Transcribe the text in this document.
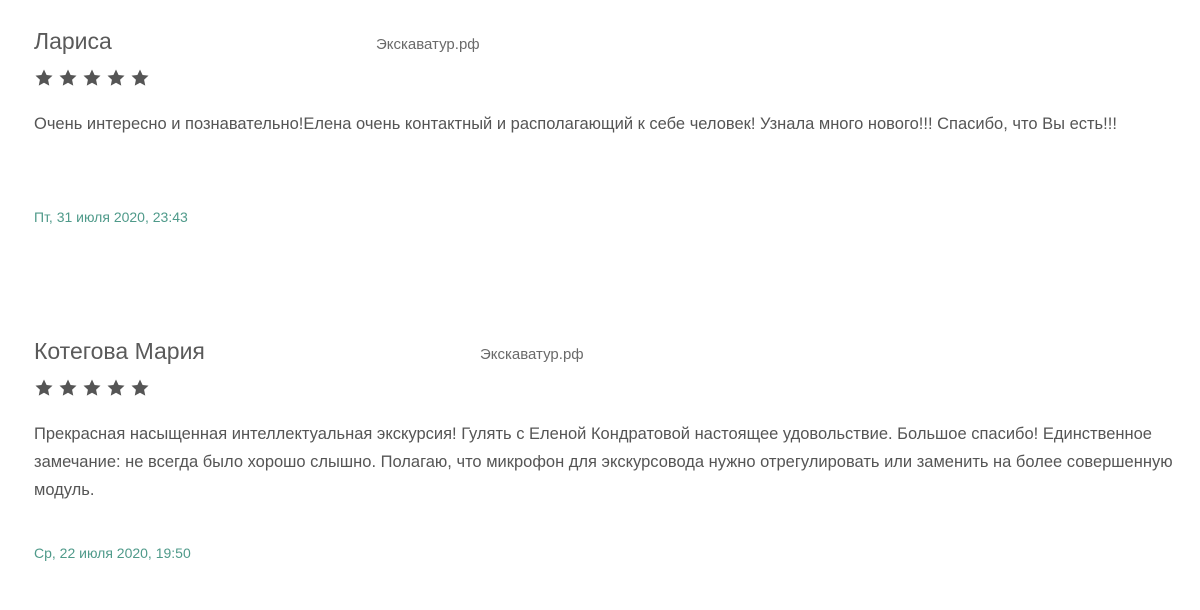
Лариса	Экскаватур.рф
Очень интересно и познавательно!Елена очень контактный и располагающий к себе человек! Узнала много нового!!! Спасибо, что Вы есть!!!
Пт, 31 июля 2020, 23:43
Котегова Мария	Экскаватур.рф
Прекрасная насыщенная интеллектуальная экскурсия! Гулять с Еленой Кондратовой настоящее удовольствие. Большое спасибо! Единственное замечание: не всегда было хорошо слышно. Полагаю, что микрофон для экскурсовода нужно отрегулировать или заменить на более совершенную модуль.
Ср, 22 июля 2020, 19:50
